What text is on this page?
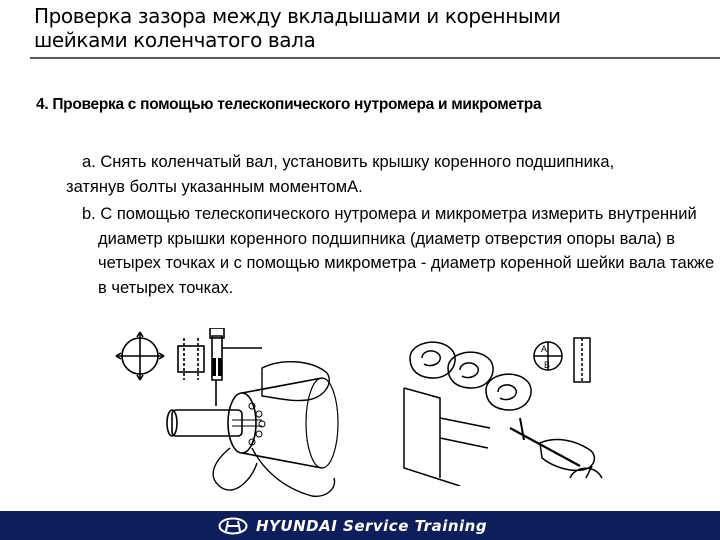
Проверка зазора между вкладышами и коренными
шейками коленчатого вала
4. Проверка с помощью телескопического нутромера и микрометра
a. Снять коленчатый вал, установить крышку коренного подшипника, затянув болты указанным моментомА.
b. С помощью телескопического нутромера и микрометра измерить внутренний диаметр крышки коренного подшипника (диаметр отверстия опоры вала) в четырех точках и с помощью микрометра - диаметр коренной шейки вала также в четырех точках.
A
B
HYUNDAI Service Training
